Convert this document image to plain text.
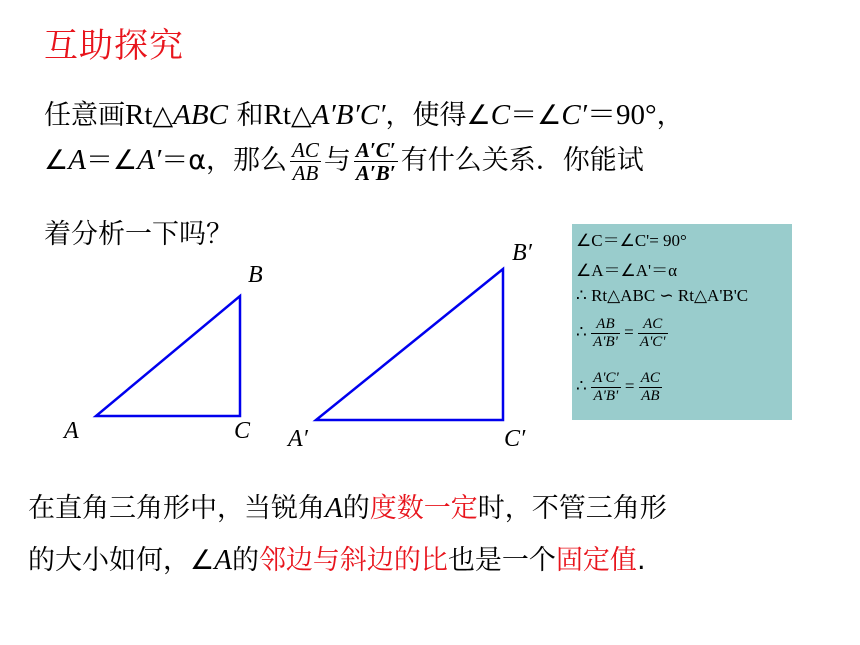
互助探究
任意画Rt△ABC 和Rt△A′B′C′，使得∠C＝∠C′＝90°，
∠A＝∠A′＝α，那么 $\frac{AC}{AB}$ 与 $\frac{A'C'}{A'B'}$ 有什么关系．你能试
着分析一下吗？
A
B
C A′
B′
C′
∠C＝∠C'= 90°
∠A＝∠A'＝α
∴ Rt△ABC ∽ Rt△A'B'C
∴ $\frac{AB}{A'B'} = \frac{AC}{A'C'}$
∴ $\frac{A'C'}{A'B'} = \frac{AC}{AB}$
在直角三角形中，当锐角A的度数一定时，不管三角形
的大小如何，∠A的邻边与斜边的比也是一个固定值.
